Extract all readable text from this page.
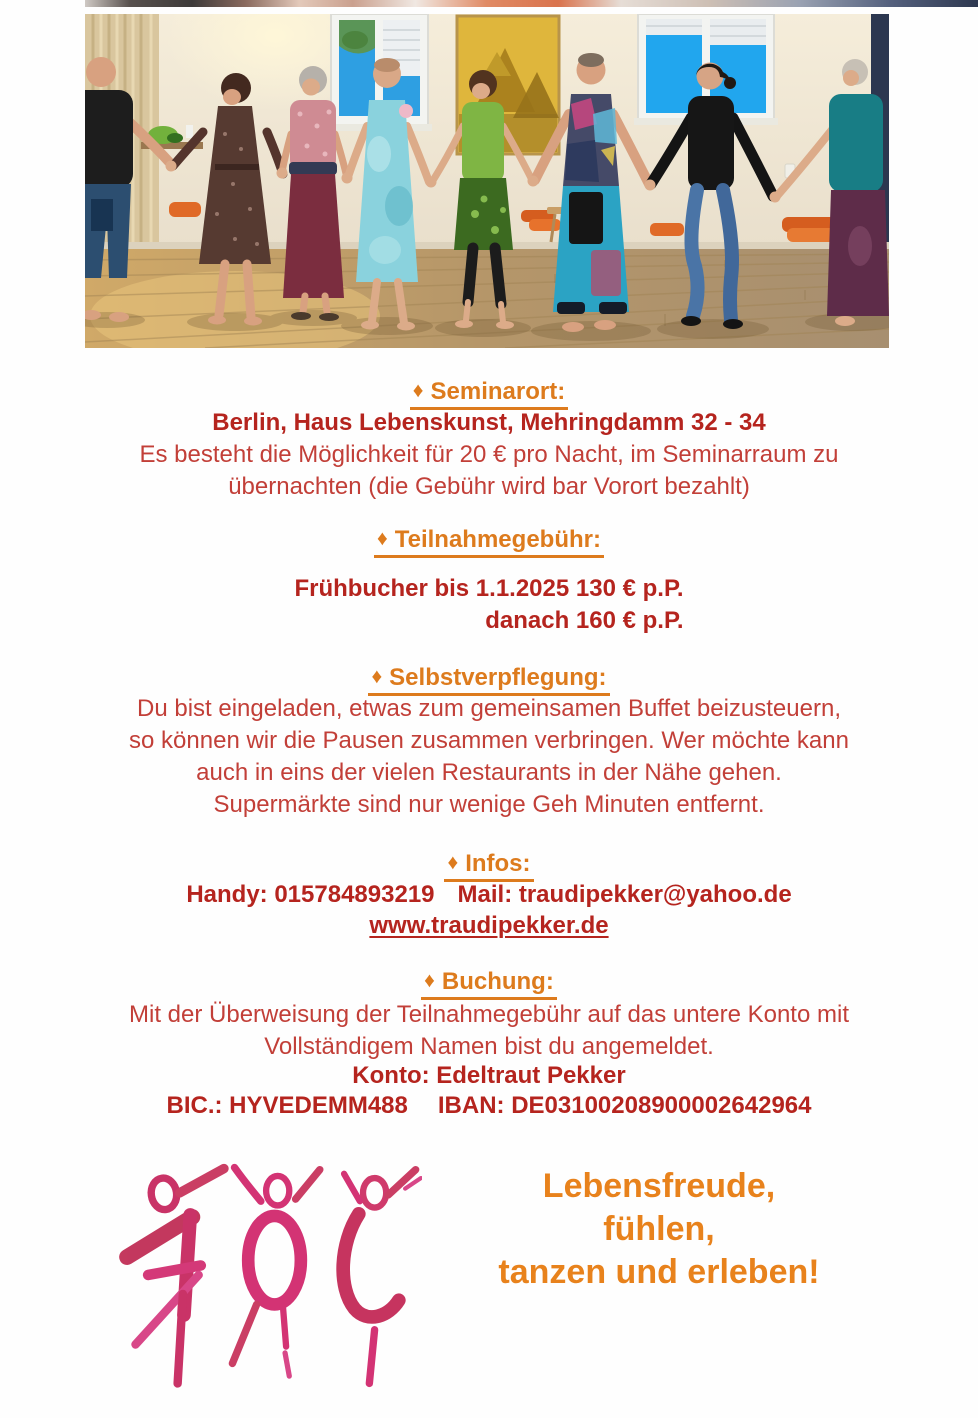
♦ Seminarort:
Berlin, Haus Lebenskunst, Mehringdamm 32 - 34
Es besteht die Möglichkeit für 20 € pro Nacht, im Seminarraum zu
übernachten (die Gebühr wird bar Vorort bezahlt)
♦ Teilnahmegebühr:
Frühbucher bis 1.1.2025 130 € p.P.
danach 160 € p.P.
♦ Selbstverpflegung:
Du bist eingeladen, etwas zum gemeinsamen Buffet beizusteuern,
so können wir die Pausen zusammen verbringen. Wer möchte kann
auch in eins der vielen Restaurants in der Nähe gehen.
Supermärkte sind nur wenige Geh Minuten entfernt.
♦ Infos:
Handy: 015784893219 Mail: traudipekker@yahoo.de
www.traudipekker.de
♦ Buchung:
Mit der Überweisung der Teilnahmegebühr auf das untere Konto mit
Vollständigem Namen bist du angemeldet.
Konto: Edeltraut Pekker
BIC.: HYVEDEMM488 IBAN: DE03100208900002642964
Lebensfreude,
fühlen,
tanzen und erleben!
